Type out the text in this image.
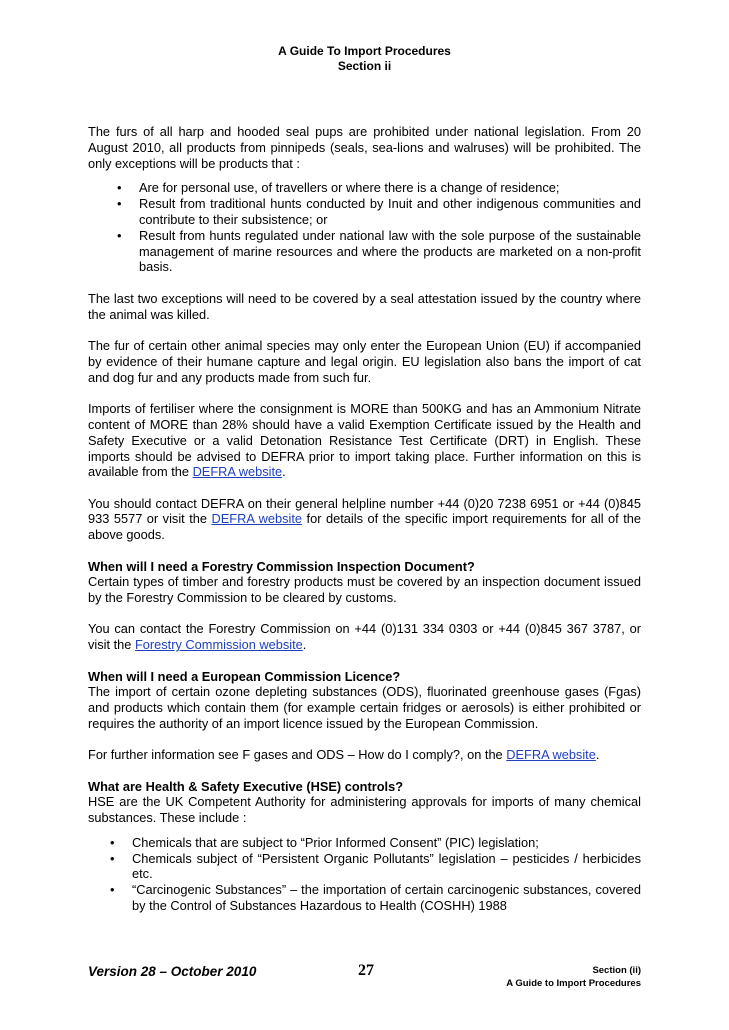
A Guide To Import Procedures
Section ii

The furs of all harp and hooded seal pups are prohibited under national legislation. From 20 August 2010, all products from pinnipeds (seals, sea-lions and walruses) will be prohibited. The only exceptions will be products that :

• Are for personal use, of travellers or where there is a change of residence;
• Result from traditional hunts conducted by Inuit and other indigenous communities and contribute to their subsistence; or
• Result from hunts regulated under national law with the sole purpose of the sustainable management of marine resources and where the products are marketed on a non-profit basis.

The last two exceptions will need to be covered by a seal attestation issued by the country where the animal was killed.

The fur of certain other animal species may only enter the European Union (EU) if accompanied by evidence of their humane capture and legal origin. EU legislation also bans the import of cat and dog fur and any products made from such fur.

Imports of fertiliser where the consignment is MORE than 500KG and has an Ammonium Nitrate content of MORE than 28% should have a valid Exemption Certificate issued by the Health and Safety Executive or a valid Detonation Resistance Test Certificate (DRT) in English. These imports should be advised to DEFRA prior to import taking place. Further information on this is available from the DEFRA website.

You should contact DEFRA on their general helpline number +44 (0)20 7238 6951 or +44 (0)845 933 5577 or visit the DEFRA website for details of the specific import requirements for all of the above goods.

When will I need a Forestry Commission Inspection Document?

Certain types of timber and forestry products must be covered by an inspection document issued by the Forestry Commission to be cleared by customs.

You can contact the Forestry Commission on +44 (0)131 334 0303 or +44 (0)845 367 3787, or visit the Forestry Commission website.

When will I need a European Commission Licence?

The import of certain ozone depleting substances (ODS), fluorinated greenhouse gases (Fgas) and products which contain them (for example certain fridges or aerosols) is either prohibited or requires the authority of an import licence issued by the European Commission.

For further information see F gases and ODS – How do I comply?, on the DEFRA website.

What are Health & Safety Executive (HSE) controls?

HSE are the UK Competent Authority for administering approvals for imports of many chemical substances. These include :

• Chemicals that are subject to “Prior Informed Consent” (PIC) legislation;
• Chemicals subject of “Persistent Organic Pollutants” legislation – pesticides / herbicides etc.
• “Carcinogenic Substances” – the importation of certain carcinogenic substances, covered by the Control of Substances Hazardous to Health (COSHH) 1988
Version 28 – October 2010	27	Section (ii)
A Guide to Import Procedures
